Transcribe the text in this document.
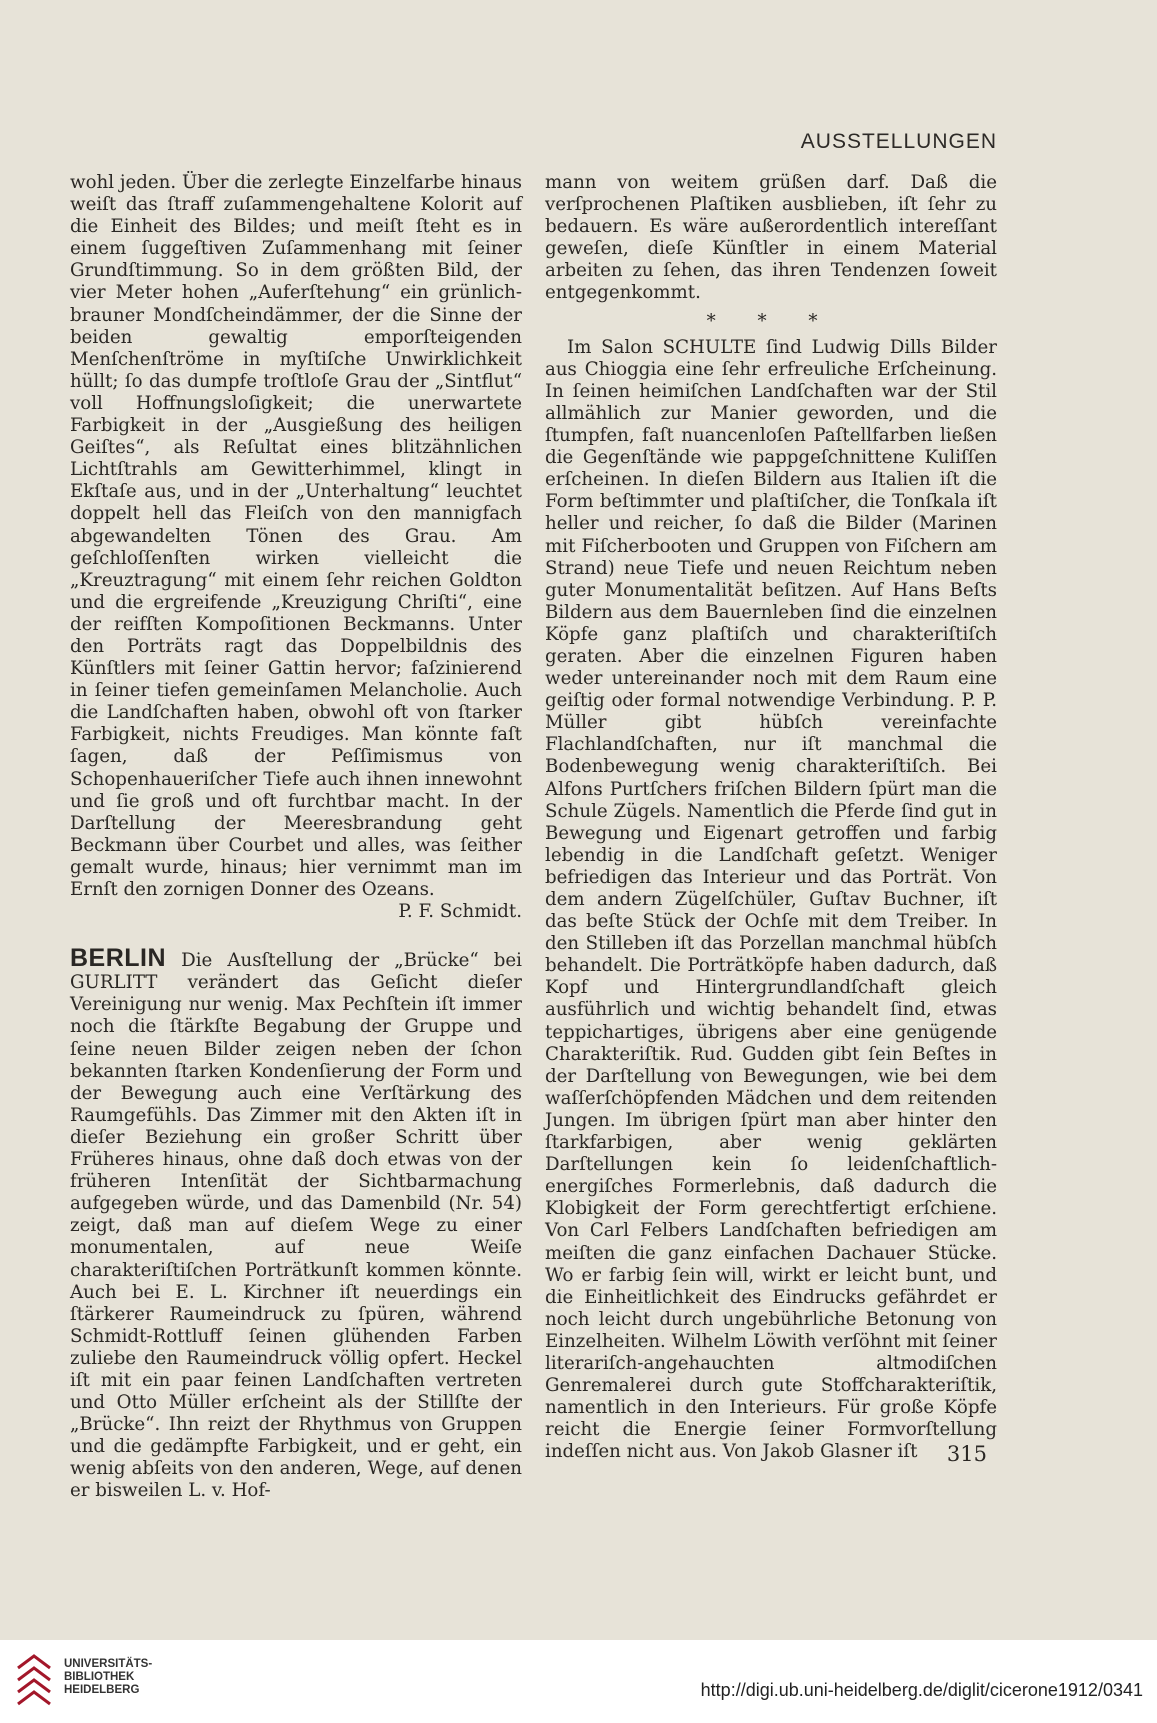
AUSSTELLUNGEN

wohl jeden. Über die zerlegte Einzelfarbe hinaus weiſt das ſtraff zuſammengehaltene Kolorit auf die Einheit des Bildes; und meiſt ſteht es in einem ſuggeſtiven Zuſammenhang mit ſeiner Grundſtimmung. So in dem größten Bild, der vier Meter hohen „Auferſtehung“ ein grünlich-brauner Mondſcheindämmer, der die Sinne der beiden gewaltig emporſteigenden Menſchenſtröme in myſtiſche Unwirklichkeit hüllt; ſo das dumpfe troſtloſe Grau der „Sintflut“ voll Hoffnungsloſigkeit; die unerwartete Farbigkeit in der „Ausgießung des heiligen Geiſtes“, als Reſultat eines blitzähnlichen Lichtſtrahls am Gewitterhimmel, klingt in Ekſtaſe aus, und in der „Unterhaltung“ leuchtet doppelt hell das Fleiſch von den mannigfach abgewandelten Tönen des Grau. Am geſchloſſenſten wirken vielleicht die „Kreuztragung“ mit einem ſehr reichen Goldton und die ergreifende „Kreuzigung Chriſti“, eine der reifſten Kompoſitionen Beckmanns. Unter den Porträts ragt das Doppelbildnis des Künſtlers mit ſeiner Gattin hervor; faſzinierend in ſeiner tiefen gemeinſamen Melancholie. Auch die Landſchaften haben, obwohl oft von ſtarker Farbigkeit, nichts Freudiges. Man könnte faſt ſagen, daß der Peſſimismus von Schopenhaueriſcher Tiefe auch ihnen innewohnt und ſie groß und oft furchtbar macht. In der Darſtellung der Meeresbrandung geht Beckmann über Courbet und alles, was ſeither gemalt wurde, hinaus; hier vernimmt man im Ernſt den zornigen Donner des Ozeans.

P. F. Schmidt.

BERLIN Die Ausſtellung der „Brücke“ bei GURLITT verändert das Geſicht dieſer Vereinigung nur wenig. Max Pechſtein iſt immer noch die ſtärkſte Begabung der Gruppe und ſeine neuen Bilder zeigen neben der ſchon bekannten ſtarken Kondenſierung der Form und der Bewegung auch eine Verſtärkung des Raumgefühls. Das Zimmer mit den Akten iſt in dieſer Beziehung ein großer Schritt über Früheres hinaus, ohne daß doch etwas von der früheren Intenſität der Sichtbarmachung aufgegeben würde, und das Damenbild (Nr. 54) zeigt, daß man auf dieſem Wege zu einer monumentalen, auf neue Weiſe charakteriſtiſchen Porträtkunſt kommen könnte. Auch bei E. L. Kirchner iſt neuerdings ein ſtärkerer Raumeindruck zu ſpüren, während Schmidt-Rottluff ſeinen glühenden Farben zuliebe den Raumeindruck völlig opfert. Heckel iſt mit ein paar feinen Landſchaften vertreten und Otto Müller erſcheint als der Stillſte der „Brücke“. Ihn reizt der Rhythmus von Gruppen und die gedämpfte Farbigkeit, und er geht, ein wenig abſeits von den anderen, Wege, auf denen er bisweilen L. v. Hof-

mann von weitem grüßen darf. Daß die verſprochenen Plaſtiken ausblieben, iſt ſehr zu bedauern. Es wäre außerordentlich intereſſant geweſen, dieſe Künſtler in einem Material arbeiten zu ſehen, das ihren Tendenzen ſoweit entgegenkommt.

* * *

Im Salon SCHULTE ſind Ludwig Dills Bilder aus Chioggia eine ſehr erfreuliche Erſcheinung. In ſeinen heimiſchen Landſchaften war der Stil allmählich zur Manier geworden, und die ſtumpfen, faſt nuancenloſen Paſtellfarben ließen die Gegenſtände wie pappgeſchnittene Kuliſſen erſcheinen. In dieſen Bildern aus Italien iſt die Form beſtimmter und plaſtiſcher, die Tonſkala iſt heller und reicher, ſo daß die Bilder (Marinen mit Fiſcherbooten und Gruppen von Fiſchern am Strand) neue Tiefe und neuen Reichtum neben guter Monumentalität beſitzen. Auf Hans Beſts Bildern aus dem Bauernleben ſind die einzelnen Köpfe ganz plaſtiſch und charakteriſtiſch geraten. Aber die einzelnen Figuren haben weder untereinander noch mit dem Raum eine geiſtig oder formal notwendige Verbindung. P. P. Müller gibt hübſch vereinfachte Flachlandſchaften, nur iſt manchmal die Bodenbewegung wenig charakteriſtiſch. Bei Alfons Purtſchers friſchen Bildern ſpürt man die Schule Zügels. Namentlich die Pferde ſind gut in Bewegung und Eigenart getroffen und farbig lebendig in die Landſchaft geſetzt. Weniger befriedigen das Interieur und das Porträt. Von dem andern Zügelſchüler, Guſtav Buchner, iſt das beſte Stück der Ochſe mit dem Treiber. In den Stilleben iſt das Porzellan manchmal hübſch behandelt. Die Porträtköpfe haben dadurch, daß Kopf und Hintergrundlandſchaft gleich ausführlich und wichtig behandelt ſind, etwas teppichartiges, übrigens aber eine genügende Charakteriſtik. Rud. Gudden gibt ſein Beſtes in der Darſtellung von Bewegungen, wie bei dem waſſerſchöpfenden Mädchen und dem reitenden Jungen. Im übrigen ſpürt man aber hinter den ſtarkfarbigen, aber wenig geklärten Darſtellungen kein ſo leidenſchaftlich-energiſches Formerlebnis, daß dadurch die Klobigkeit der Form gerechtfertigt erſchiene. Von Carl Felbers Landſchaften befriedigen am meiſten die ganz einfachen Dachauer Stücke. Wo er farbig ſein will, wirkt er leicht bunt, und die Einheitlichkeit des Eindrucks gefährdet er noch leicht durch ungebührliche Betonung von Einzelheiten. Wilhelm Löwith verſöhnt mit ſeiner literariſch-angehauchten altmodiſchen Genremalerei durch gute Stoffcharakteriſtik, namentlich in den Interieurs. Für große Köpfe reicht die Energie ſeiner Formvorſtellung indeſſen nicht aus. Von Jakob Glasner iſt	315
UNIVERSITÄTS-
BIBLIOTHEK
HEIDELBERG	http://digi.ub.uni-heidelberg.de/diglit/cicerone1912/0341
